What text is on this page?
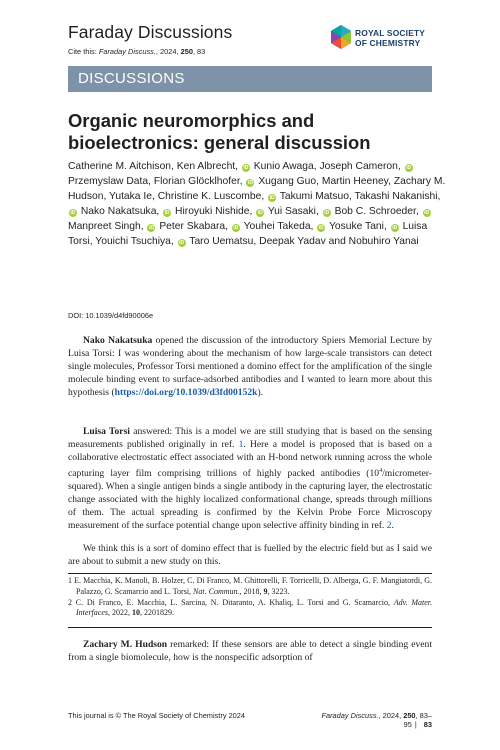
Faraday Discussions
Cite this: Faraday Discuss., 2024, 250, 83
ROYAL SOCIETY
OF CHEMISTRY
DISCUSSIONS
Organic neuromorphics and bioelectronics: general discussion
Catherine M. Aitchison, Ken Albrecht, iD Kunio Awaga, Joseph Cameron, iD Przemyslaw Data, Florian Glöcklhofer, iD Xugang Guo, Martin Heeney, Zachary M. Hudson, Yutaka Ie, Christine K. Luscombe, iD Takumi Matsuo, Takashi Nakanishi, iD Nako Nakatsuka, iD Hiroyuki Nishide, iD Yui Sasaki, iD Bob C. Schroeder, iD Manpreet Singh, iD Peter Skabara, iD Youhei Takeda, iD Yosuke Tani, iD Luisa Torsi, Youichi Tsuchiya, iD Taro Uematsu, Deepak Yadav and Nobuhiro Yanai
DOI: 10.1039/d4fd90006e

Nako Nakatsuka opened the discussion of the introductory Spiers Memorial Lecture by Luisa Torsi: I was wondering about the mechanism of how large-scale transistors can detect single molecules, Professor Torsi mentioned a domino effect for the amplification of the single molecule binding event to surface-adsorbed antibodies and I wanted to learn more about this hypothesis (https://doi.org/10.1039/d3fd00152k).

Luisa Torsi answered: This is a model we are still studying that is based on the sensing measurements published originally in ref. 1. Here a model is proposed that is based on a collaborative electrostatic effect associated with an H-bond network running across the whole capturing layer film comprising trillions of highly packed antibodies $(10^4/micrometer-squared)$. When a single antigen binds a single antibody in the capturing layer, the electrostatic change associated with the highly localized conformational change, spreads through millions of them. The actual spreading is confirmed by the Kelvin Probe Force Microscopy measurement of the surface potential change upon selective affinity binding in ref. 2.

We think this is a sort of domino effect that is fuelled by the electric field but as I said we are about to submit a new study on this.

1 E. Macchia, K. Manoli, B. Holzer, C. Di Franco, M. Ghittorelli, F. Torricelli, D. Alberga, G. F. Mangiatordi, G. Palazzo, G. Scamarcio and L. Torsi, Nat. Commun., 2018, 9, 3223.
2 C. Di Franco, E. Macchia, L. Sarcina, N. Ditaranto, A. Khaliq, L. Torsi and G. Scamarcio, Adv. Mater. Interfaces, 2022, 10, 2201829.

Zachary M. Hudson remarked: If these sensors are able to detect a single binding event from a single biomolecule, how is the nonspecific adsorption of

This journal is © The Royal Society of Chemistry 2024	Faraday Discuss., 2024, 250, 83–95 | 83
